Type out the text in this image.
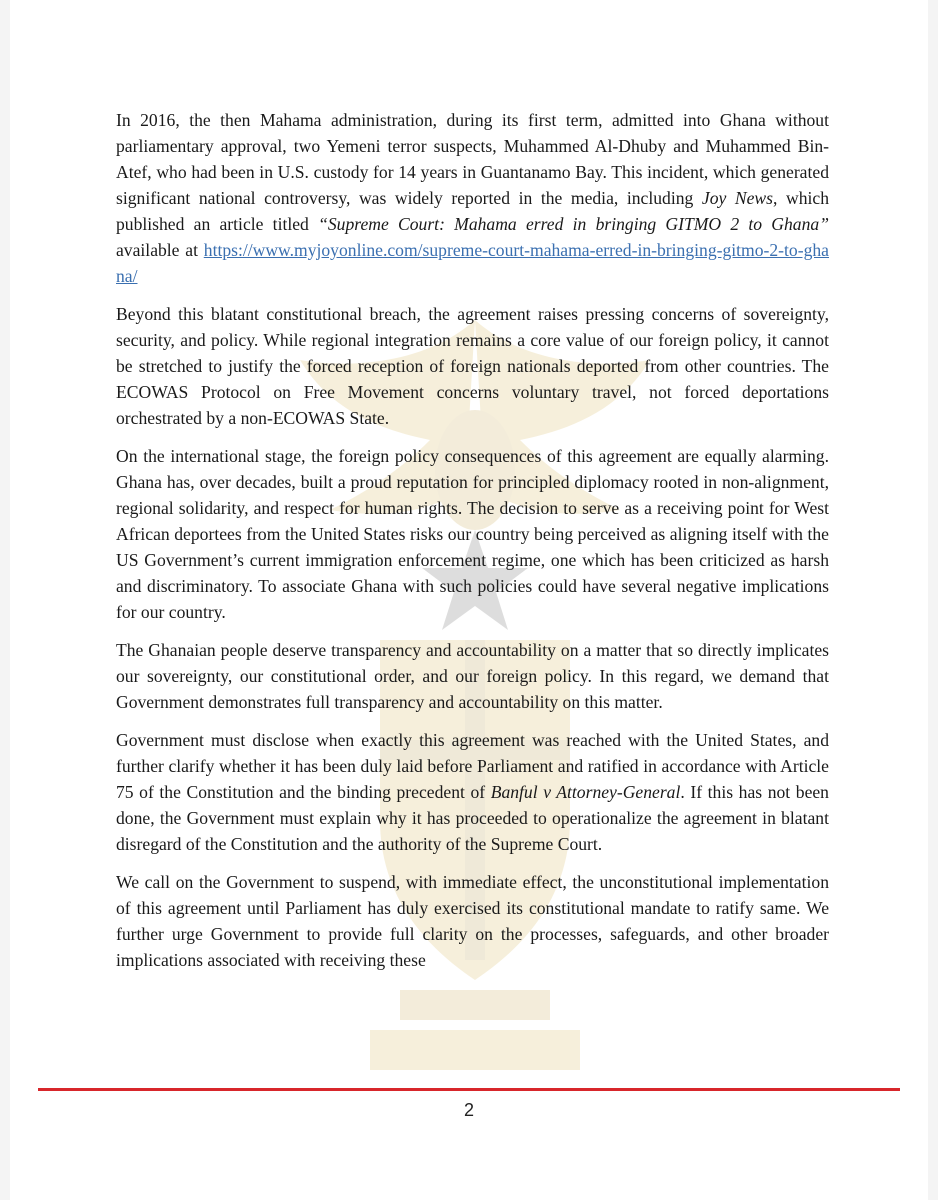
In 2016, the then Mahama administration, during its first term, admitted into Ghana without parliamentary approval, two Yemeni terror suspects, Muhammed Al-Dhuby and Muhammed Bin-Atef, who had been in U.S. custody for 14 years in Guantanamo Bay. This incident, which generated significant national controversy, was widely reported in the media, including Joy News, which published an article titled “Supreme Court: Mahama erred in bringing GITMO 2 to Ghana” available at https://www.myjoyonline.com/supreme-court-mahama-erred-in-bringing-gitmo-2-to-ghana/

Beyond this blatant constitutional breach, the agreement raises pressing concerns of sovereignty, security, and policy. While regional integration remains a core value of our foreign policy, it cannot be stretched to justify the forced reception of foreign nationals deported from other countries. The ECOWAS Protocol on Free Movement concerns voluntary travel, not forced deportations orchestrated by a non-ECOWAS State.

On the international stage, the foreign policy consequences of this agreement are equally alarming. Ghana has, over decades, built a proud reputation for principled diplomacy rooted in non-alignment, regional solidarity, and respect for human rights. The decision to serve as a receiving point for West African deportees from the United States risks our country being perceived as aligning itself with the US Government’s current immigration enforcement regime, one which has been criticized as harsh and discriminatory. To associate Ghana with such policies could have several negative implications for our country.

The Ghanaian people deserve transparency and accountability on a matter that so directly implicates our sovereignty, our constitutional order, and our foreign policy. In this regard, we demand that Government demonstrates full transparency and accountability on this matter.

Government must disclose when exactly this agreement was reached with the United States, and further clarify whether it has been duly laid before Parliament and ratified in accordance with Article 75 of the Constitution and the binding precedent of Banful v Attorney-General. If this has not been done, the Government must explain why it has proceeded to operationalize the agreement in blatant disregard of the Constitution and the authority of the Supreme Court.

We call on the Government to suspend, with immediate effect, the unconstitutional implementation of this agreement until Parliament has duly exercised its constitutional mandate to ratify same. We further urge Government to provide full clarity on the processes, safeguards, and other broader implications associated with receiving these

2
